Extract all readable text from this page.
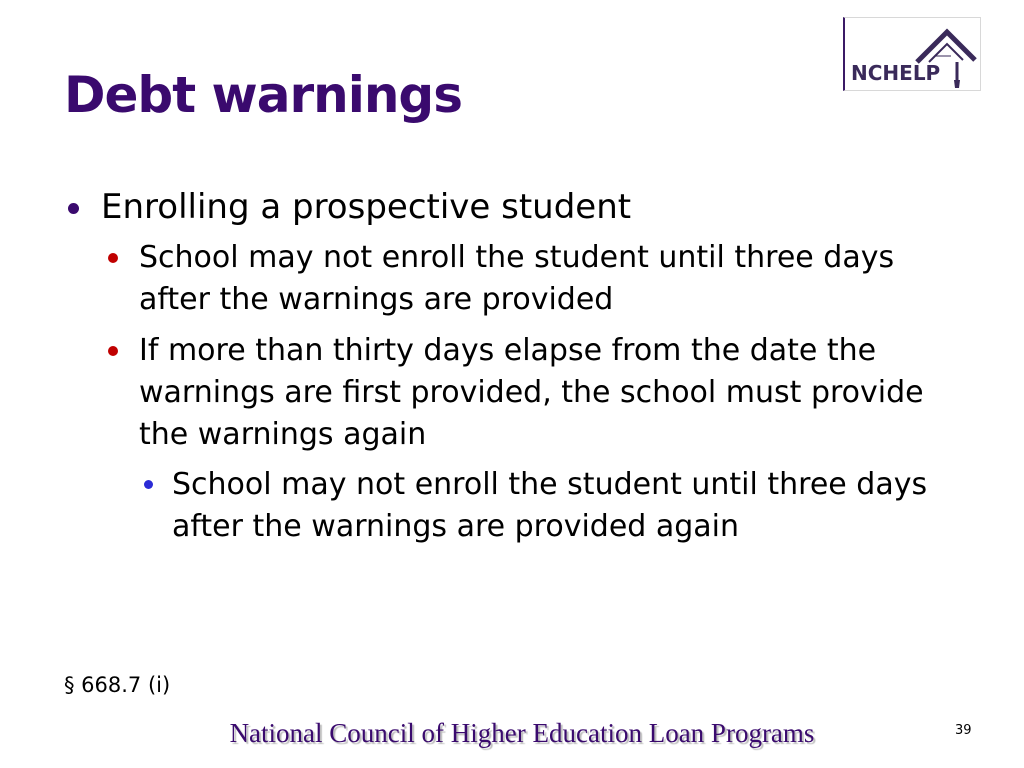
Debt warnings	NCHELP
Enrolling a prospective student
School may not enroll the student until three days after the warnings are provided
If more than thirty days elapse from the date the warnings are first provided, the school must provide the warnings again
School may not enroll the student until three days after the warnings are provided again
§ 668.7 (i)
National Council of Higher Education Loan Programs	39
